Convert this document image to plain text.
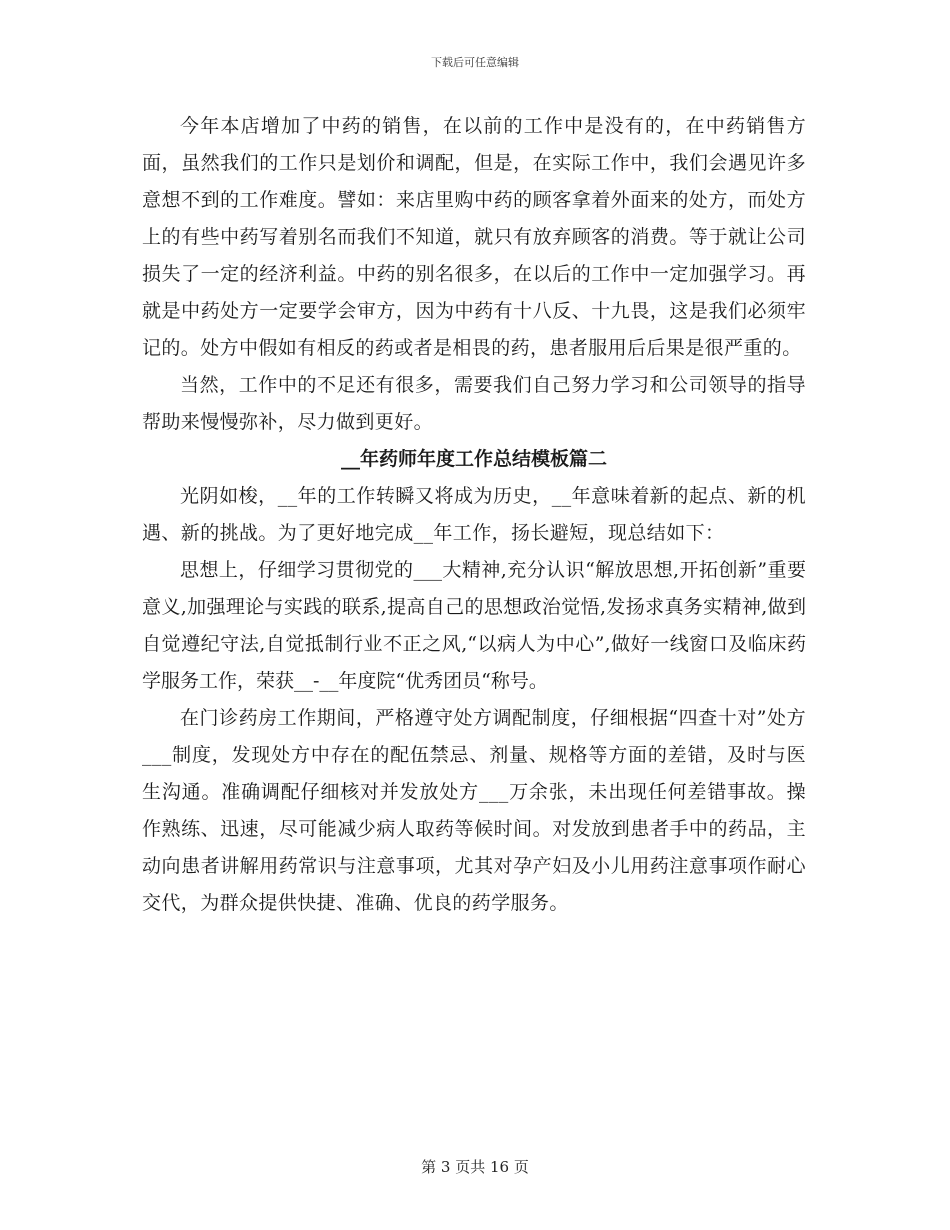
下载后可任意编辑

今年本店增加了中药的销售，在以前的工作中是没有的，在中药销售方面，虽然我们的工作只是划价和调配，但是，在实际工作中，我们会遇见许多意想不到的工作难度。譬如：来店里购中药的顾客拿着外面来的处方，而处方上的有些中药写着别名而我们不知道，就只有放弃顾客的消费。等于就让公司损失了一定的经济利益。中药的别名很多，在以后的工作中一定加强学习。再就是中药处方一定要学会审方，因为中药有十八反、十九畏，这是我们必须牢记的。处方中假如有相反的药或者是相畏的药，患者服用后后果是很严重的。

当然，工作中的不足还有很多，需要我们自己努力学习和公司领导的指导帮助来慢慢弥补，尽力做到更好。

__年药师年度工作总结模板篇二

光阴如梭，__年的工作转瞬又将成为历史，__年意味着新的起点、新的机遇、新的挑战。为了更好地完成__年工作，扬长避短，现总结如下：

思想上，仔细学习贯彻党的___大精神,充分认识“解放思想,开拓创新”重要意义,加强理论与实践的联系,提高自己的思想政治觉悟,发扬求真务实精神,做到自觉遵纪守法,自觉抵制行业不正之风,“以病人为中心”,做好一线窗口及临床药学服务工作，荣获__-__年度院“优秀团员“称号。

在门诊药房工作期间，严格遵守处方调配制度，仔细根据“四查十对”处方___制度，发现处方中存在的配伍禁忌、剂量、规格等方面的差错，及时与医生沟通。准确调配仔细核对并发放处方___万余张，未出现任何差错事故。操作熟练、迅速，尽可能减少病人取药等候时间。对发放到患者手中的药品，主动向患者讲解用药常识与注意事项，尤其对孕产妇及小儿用药注意事项作耐心交代，为群众提供快捷、准确、优良的药学服务。

第 3 页共 16 页
